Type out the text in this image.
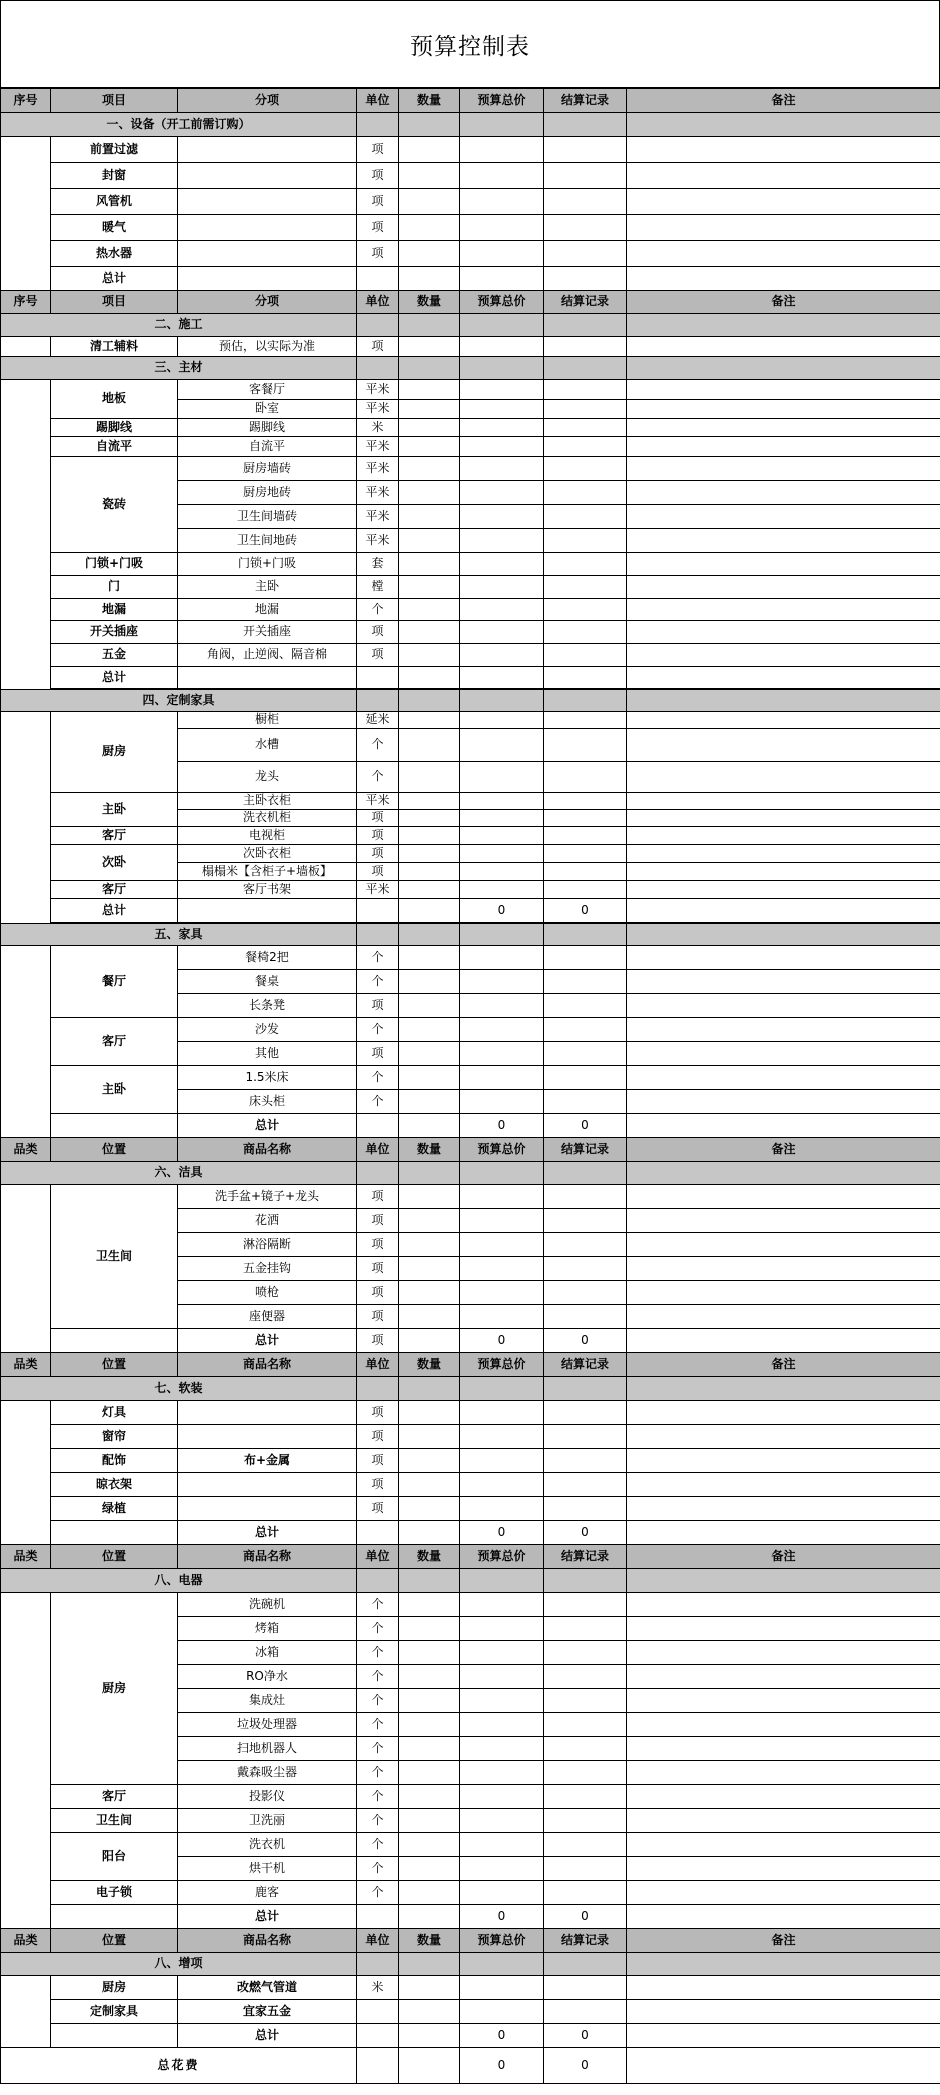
预算控制表
序号	项目	分项	单位	数量	预算总价	结算记录	备注
一、设备（开工前需订购）							
	前置过滤		项				
	封窗		项				
	风管机		项				
	暖气		项				
	热水器		项				
	总计						
序号	项目	分项	单位	数量	预算总价	结算记录	备注
二、施工							
	清工辅料	预估，以实际为准	项				
三、主材							
	地板	客餐厅	平米				
		卧室	平米				
	踢脚线	踢脚线	米				
	自流平	自流平	平米				
	瓷砖	厨房墙砖	平米				
		厨房地砖	平米				
		卫生间墙砖	平米				
		卫生间地砖	平米				
	门锁+门吸	门锁+门吸	套				
	门	主卧	樘				
	地漏	地漏	个				
	开关插座	开关插座	项				
	五金	角阀，止逆阀、隔音棉	项				
	总计						

四、定制家具							
	厨房	橱柜	延米				
		水槽	个				
		龙头	个				
	主卧	主卧衣柜	平米				
		洗衣机柜	项				
	客厅	电视柜	项				
	次卧	次卧衣柜	项				
		榻榻米【含柜子+墙板】	项				
	客厅	客厅书架	平米				
	总计				0	0	

五、家具							
	餐厅	餐椅2把	个				
		餐桌	个				
		长条凳	项				
	客厅	沙发	个				
		其他	项				
	主卧	1.5米床	个				
		床头柜	个				
		总计			0	0	
品类	位置	商品名称	单位	数量	预算总价	结算记录	备注
六、洁具							
	卫生间	洗手盆+镜子+龙头	项				
		花洒	项				
		淋浴隔断	项				
		五金挂钩	项				
		喷枪	项				
		座便器	项				
		总计	项		0	0	
品类	位置	商品名称	单位	数量	预算总价	结算记录	备注
七、软装							
	灯具		项				
	窗帘		项				
	配饰	布+金属	项				
	晾衣架		项				
	绿植		项				
		总计			0	0	
品类	位置	商品名称	单位	数量	预算总价	结算记录	备注
八、电器							
	厨房	洗碗机	个				
		烤箱	个				
		冰箱	个				
		RO净水	个				
		集成灶	个				
		垃圾处理器	个				
		扫地机器人	个				
		戴森吸尘器	个				
	客厅	投影仪	个				
	卫生间	卫洗丽	个				
	阳台	洗衣机	个				
		烘干机	个				
	电子锁	鹿客	个				
		总计			0	0	
品类	位置	商品名称	单位	数量	预算总价	结算记录	备注
八、增项							
	厨房	改燃气管道	米				
	定制家具	宜家五金					
		总计			0	0	
总花费					0	0	
